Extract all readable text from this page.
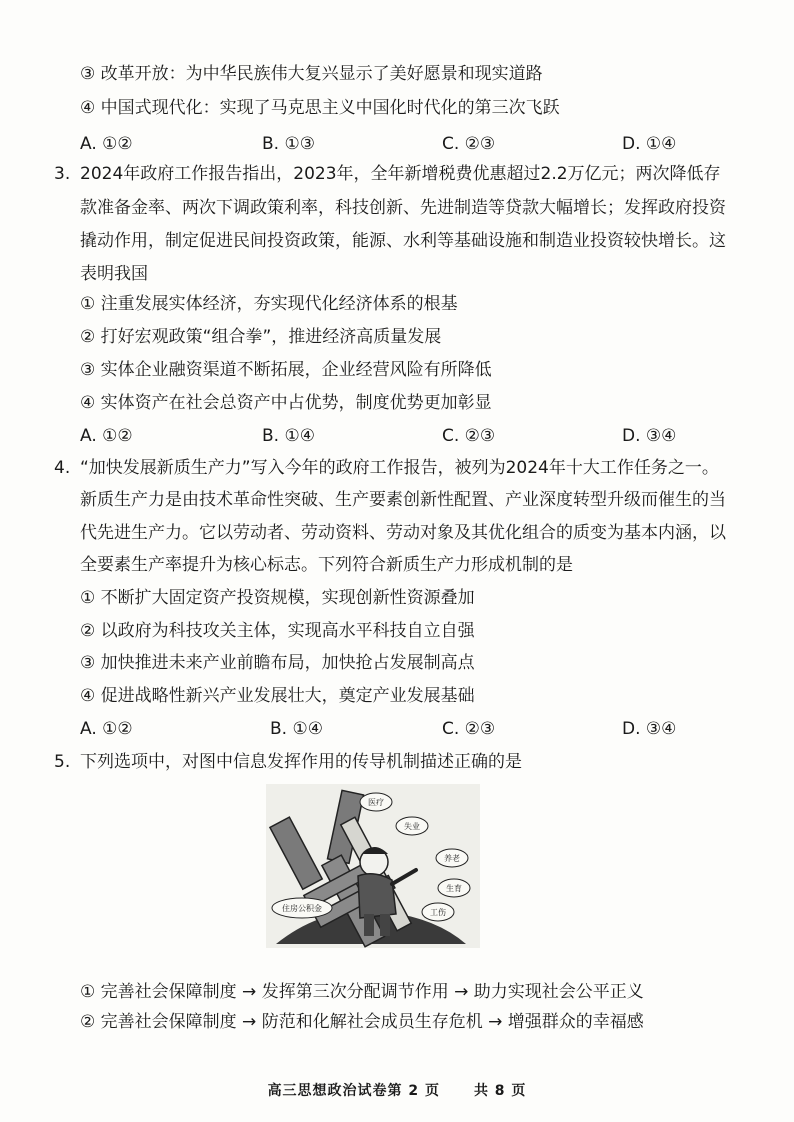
③ 改革开放：为中华民族伟大复兴显示了美好愿景和现实道路
④ 中国式现代化：实现了马克思主义中国化时代化的第三次飞跃
A. ①②	B. ①③	C. ②③	D. ①④
3. 2024年政府工作报告指出，2023年，全年新增税费优惠超过2.2万亿元；两次降低存
款准备金率、两次下调政策利率，科技创新、先进制造等贷款大幅增长；发挥政府投资
撬动作用，制定促进民间投资政策，能源、水利等基础设施和制造业投资较快增长。这
表明我国
① 注重发展实体经济，夯实现代化经济体系的根基
② 打好宏观政策“组合拳”，推进经济高质量发展
③ 实体企业融资渠道不断拓展，企业经营风险有所降低
④ 实体资产在社会总资产中占优势，制度优势更加彰显
A. ①②	B. ①④	C. ②③	D. ③④
4. “加快发展新质生产力”写入今年的政府工作报告，被列为2024年十大工作任务之一。
新质生产力是由技术革命性突破、生产要素创新性配置、产业深度转型升级而催生的当
代先进生产力。它以劳动者、劳动资料、劳动对象及其优化组合的质变为基本内涵，以
全要素生产率提升为核心标志。下列符合新质生产力形成机制的是
① 不断扩大固定资产投资规模，实现创新性资源叠加
② 以政府为科技攻关主体，实现高水平科技自立自强
③ 加快推进未来产业前瞻布局，加快抢占发展制高点
④ 促进战略性新兴产业发展壮大，奠定产业发展基础
A. ①②	B. ①④	C. ②③	D. ③④
5. 下列选项中，对图中信息发挥作用的传导机制描述正确的是
医疗
失业
养老
生育
工伤
住房公积金
① 完善社会保障制度 → 发挥第三次分配调节作用 → 助力实现社会公平正义
② 完善社会保障制度 → 防范和化解社会成员生存危机 → 增强群众的幸福感
高三思想政治试卷第 2 页 共 8 页
